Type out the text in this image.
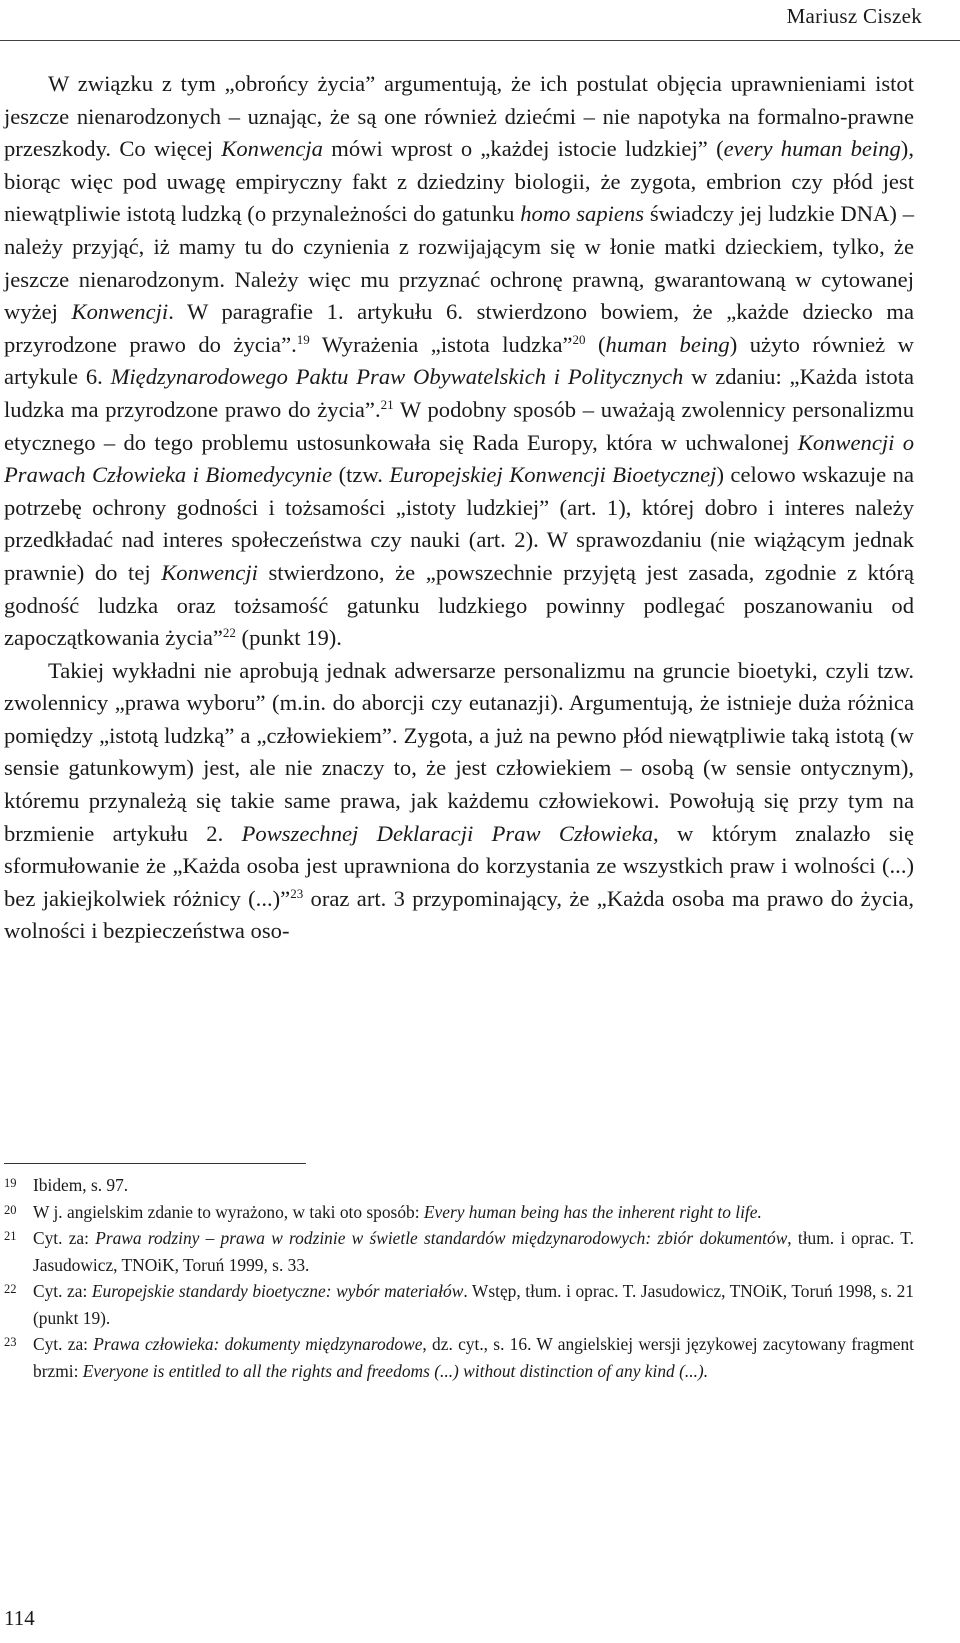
Mariusz Ciszek

W związku z tym „obrońcy życia” argumentują, że ich postulat objęcia uprawnieniami istot jeszcze nienarodzonych – uznając, że są one również dziećmi – nie napotyka na formalno-prawne przeszkody. Co więcej Konwencja mówi wprost o „każdej istocie ludzkiej” (every human being), biorąc więc pod uwagę empiryczny fakt z dziedziny biologii, że zygota, embrion czy płód jest niewątpliwie istotą ludzką (o przynależności do gatunku homo sapiens świadczy jej ludzkie DNA) – należy przyjąć, iż mamy tu do czynienia z rozwijającym się w łonie matki dzieckiem, tylko, że jeszcze nienarodzonym. Należy więc mu przyznać ochronę prawną, gwarantowaną w cytowanej wyżej Konwencji. W paragrafie 1. artykułu 6. stwierdzono bowiem, że „każde dziecko ma przyrodzone prawo do życia”.$^{19}$ Wyrażenia „istota ludzka”$^{20}$ (human being) użyto również w artykule 6. Międzynarodowego Paktu Praw Obywatelskich i Politycznych w zdaniu: „Każda istota ludzka ma przyrodzone prawo do życia”.$^{21}$ W podobny sposób – uważają zwolennicy personalizmu etycznego – do tego problemu ustosunkowała się Rada Europy, która w uchwalonej Konwencji o Prawach Człowieka i Biomedycynie (tzw. Europejskiej Konwencji Bioetycznej) celowo wskazuje na potrzebę ochrony godności i tożsamości „istoty ludzkiej” (art. 1), której dobro i interes należy przedkładać nad interes społeczeństwa czy nauki (art. 2). W sprawozdaniu (nie wiążącym jednak prawnie) do tej Konwencji stwierdzono, że „powszechnie przyjętą jest zasada, zgodnie z którą godność ludzka oraz tożsamość gatunku ludzkiego powinny podlegać poszanowaniu od zapoczątkowania życia”$^{22}$ (punkt 19).

Takiej wykładni nie aprobują jednak adwersarze personalizmu na gruncie bioetyki, czyli tzw. zwolennicy „prawa wyboru” (m.in. do aborcji czy eutanazji). Argumentują, że istnieje duża różnica pomiędzy „istotą ludzką” a „człowiekiem”. Zygota, a już na pewno płód niewątpliwie taką istotą (w sensie gatunkowym) jest, ale nie znaczy to, że jest człowiekiem – osobą (w sensie ontycznym), któremu przynależą się takie same prawa, jak każdemu człowiekowi. Powołują się przy tym na brzmienie artykułu 2. Powszechnej Deklaracji Praw Człowieka, w którym znalazło się sformułowanie że „Każda osoba jest uprawniona do korzystania ze wszystkich praw i wolności (...) bez jakiejkolwiek różnicy (...)”$^{23}$ oraz art. 3 przypominający, że „Każda osoba ma prawo do życia, wolności i bezpieczeństwa oso-

19 Ibidem, s. 97.
20 W j. angielskim zdanie to wyrażono, w taki oto sposób: Every human being has the inherent right to life.
21 Cyt. za: Prawa rodziny – prawa w rodzinie w świetle standardów międzynarodowych: zbiór dokumentów, tłum. i oprac. T. Jasudowicz, TNOiK, Toruń 1999, s. 33.
22 Cyt. za: Europejskie standardy bioetyczne: wybór materiałów. Wstęp, tłum. i oprac. T. Jasudowicz, TNOiK, Toruń 1998, s. 21 (punkt 19).
23 Cyt. za: Prawa człowieka: dokumenty międzynarodowe, dz. cyt., s. 16. W angielskiej wersji językowej zacytowany fragment brzmi: Everyone is entitled to all the rights and freedoms (...) without distinction of any kind (...).
114
